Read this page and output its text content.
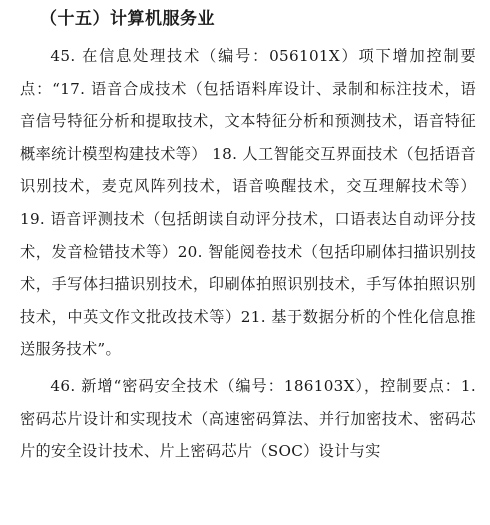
（十五）计算机服务业

45. 在信息处理技术（编号：056101X）项下增加控制要点：“17. 语音合成技术（包括语料库设计、录制和标注技术，语音信号特征分析和提取技术，文本特征分析和预测技术，语音特征概率统计模型构建技术等） 18. 人工智能交互界面技术（包括语音识别技术，麦克风阵列技术，语音唤醒技术，交互理解技术等） 19. 语音评测技术（包括朗读自动评分技术，口语表达自动评分技术，发音检错技术等）20. 智能阅卷技术（包括印刷体扫描识别技术，手写体扫描识别技术，印刷体拍照识别技术，手写体拍照识别技术，中英文作文批改技术等）21. 基于数据分析的个性化信息推送服务技术”。

46. 新增“密码安全技术（编号：186103X），控制要点：1.密码芯片设计和实现技术（高速密码算法、并行加密技术、密码芯片的安全设计技术、片上密码芯片（SOC）设计与实
